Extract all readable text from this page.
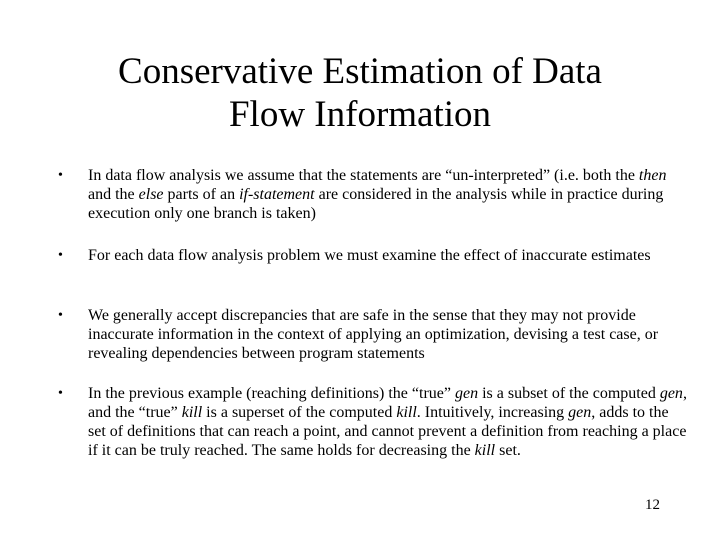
Conservative Estimation of Data
Flow Information
• In data flow analysis we assume that the statements are “un-interpreted” (i.e. both the then and the else parts of an if-statement are considered in the analysis while in practice during execution only one branch is taken)
• For each data flow analysis problem we must examine the effect of inaccurate estimates
• We generally accept discrepancies that are safe in the sense that they may not provide inaccurate information in the context of applying an optimization, devising a test case, or revealing dependencies between program statements
• In the previous example (reaching definitions) the “true” gen is a subset of the computed gen, and the “true” kill is a superset of the computed kill. Intuitively, increasing gen, adds to the set of definitions that can reach a point, and cannot prevent a definition from reaching a place if it can be truly reached. The same holds for decreasing the kill set.
12
